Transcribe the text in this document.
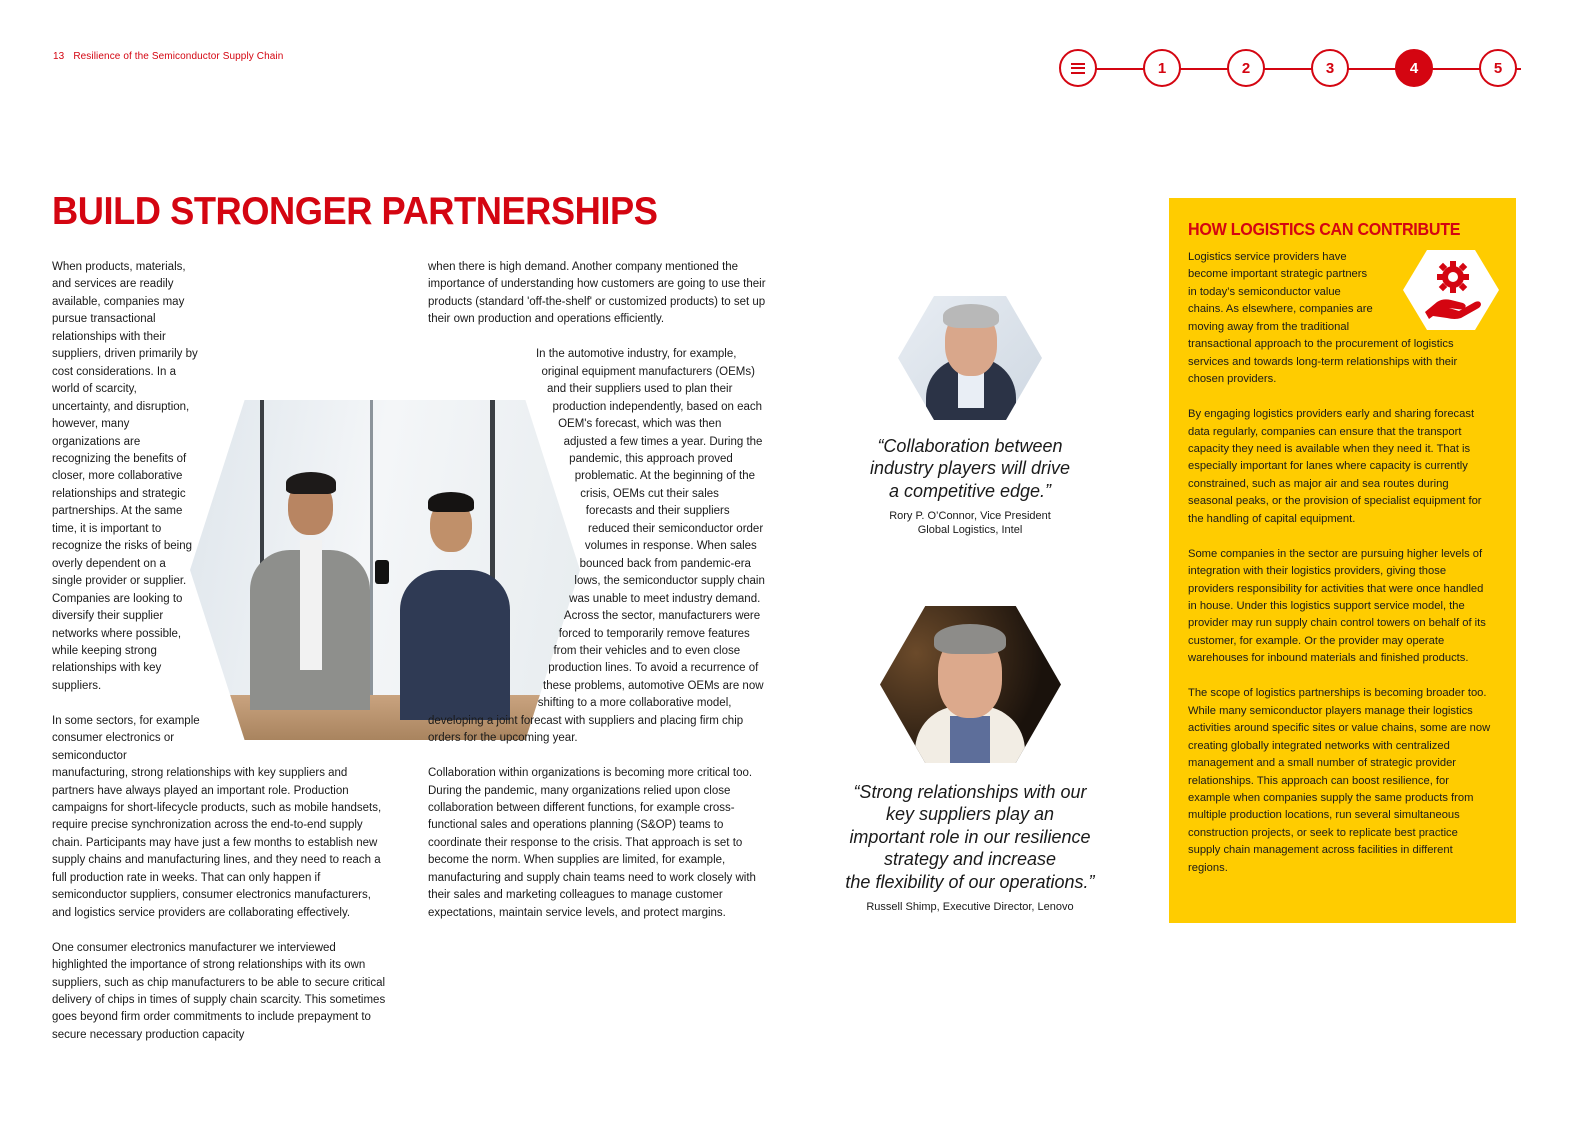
13 Resilience of the Semiconductor Supply Chain
1	2	3	4	5
BUILD STRONGER PARTNERSHIPS

When products, materials, and services are readily available, companies may pursue transactional relationships with their suppliers, driven primarily by cost considerations. In a world of scarcity, uncertainty, and disruption, however, many organizations are recognizing the benefits of closer, more collaborative relationships and strategic partnerships. At the same time, it is important to recognize the risks of being overly dependent on a single provider or supplier. Companies are looking to diversify their supplier networks where possible, while keeping strong relationships with key suppliers.

In some sectors, for example consumer electronics or semiconductor manufacturing, strong relationships with key suppliers and partners have always played an important role. Production campaigns for short-lifecycle products, such as mobile handsets, require precise synchronization across the end-to-end supply chain. Participants may have just a few months to establish new supply chains and manufacturing lines, and they need to reach a full production rate in weeks. That can only happen if semiconductor suppliers, consumer electronics manufacturers, and logistics service providers are collaborating effectively.

One consumer electronics manufacturer we interviewed highlighted the importance of strong relationships with its own suppliers, such as chip manufacturers to be able to secure critical delivery of chips in times of supply chain scarcity. This sometimes goes beyond firm order commitments to include prepayment to secure necessary production capacity

when there is high demand. Another company mentioned the importance of understanding how customers are going to use their products (standard 'off-the-shelf' or customized products) to set up their own production and operations efficiently.

In the automotive industry, for example, original equipment manufacturers (OEMs) and their suppliers used to plan their production independently, based on each OEM's forecast, which was then adjusted a few times a year. During the pandemic, this approach proved problematic. At the beginning of the crisis, OEMs cut their sales forecasts and their suppliers reduced their semiconductor order volumes in response. When sales bounced back from pandemic-era lows, the semiconductor supply chain was unable to meet industry demand. Across the sector, manufacturers were forced to temporarily remove features from their vehicles and to even close production lines. To avoid a recurrence of these problems, automotive OEMs are now shifting to a more collaborative model, developing a joint forecast with suppliers and placing firm chip orders for the upcoming year.

Collaboration within organizations is becoming more critical too. During the pandemic, many organizations relied upon close collaboration between different functions, for example cross-functional sales and operations planning (S&OP) teams to coordinate their response to the crisis. That approach is set to become the norm. When supplies are limited, for example, manufacturing and supply chain teams need to work closely with their sales and marketing colleagues to manage customer expectations, maintain service levels, and protect margins.

“Collaboration between
industry players will drive
a competitive edge.”
Rory P. O’Connor, Vice President
Global Logistics, Intel
“Strong relationships with our
key suppliers play an
important role in our resilience
strategy and increase
the flexibility of our operations.”
Russell Shimp, Executive Director, Lenovo
HOW LOGISTICS CAN CONTRIBUTE

Logistics service providers have become important strategic partners in today’s semiconductor value chains. As elsewhere, companies are moving away from the traditional transactional approach to the procurement of logistics services and towards long-term relationships with their chosen providers.

By engaging logistics providers early and sharing forecast data regularly, companies can ensure that the transport capacity they need is available when they need it. That is especially important for lanes where capacity is currently constrained, such as major air and sea routes during seasonal peaks, or the provision of specialist equipment for the handling of capital equipment.

Some companies in the sector are pursuing higher levels of integration with their logistics providers, giving those providers responsibility for activities that were once handled in house. Under this logistics support service model, the provider may run supply chain control towers on behalf of its customer, for example. Or the provider may operate warehouses for inbound materials and finished products.

The scope of logistics partnerships is becoming broader too. While many semiconductor players manage their logistics activities around specific sites or value chains, some are now creating globally integrated networks with centralized management and a small number of strategic provider relationships. This approach can boost resilience, for example when companies supply the same products from multiple production locations, run several simultaneous construction projects, or seek to replicate best practice supply chain management across facilities in different regions.
